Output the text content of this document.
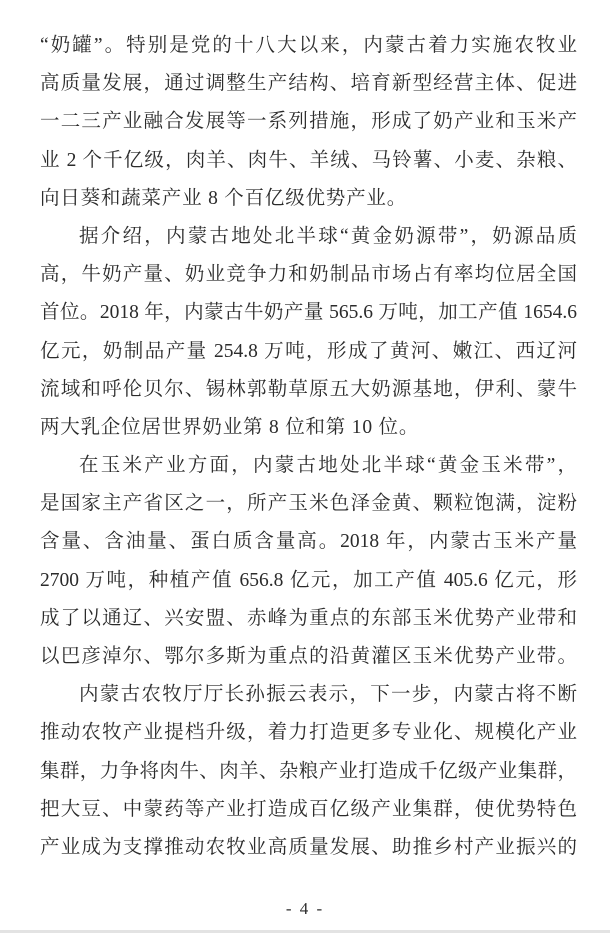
“奶罐”。特别是党的十八大以来，内蒙古着力实施农牧业
高质量发展，通过调整生产结构、培育新型经营主体、促进
一二三产业融合发展等一系列措施，形成了奶产业和玉米产
业 2 个千亿级，肉羊、肉牛、羊绒、马铃薯、小麦、杂粮、
向日葵和蔬菜产业 8 个百亿级优势产业。
据介绍，内蒙古地处北半球“黄金奶源带”，奶源品质
高，牛奶产量、奶业竞争力和奶制品市场占有率均位居全国
首位。2018 年，内蒙古牛奶产量 565.6 万吨，加工产值 1654.6
亿元，奶制品产量 254.8 万吨，形成了黄河、嫩江、西辽河
流域和呼伦贝尔、锡林郭勒草原五大奶源基地，伊利、蒙牛
两大乳企位居世界奶业第 8 位和第 10 位。
在玉米产业方面，内蒙古地处北半球“黄金玉米带”，
是国家主产省区之一，所产玉米色泽金黄、颗粒饱满，淀粉
含量、含油量、蛋白质含量高。2018 年，内蒙古玉米产量
2700 万吨，种植产值 656.8 亿元，加工产值 405.6 亿元，形
成了以通辽、兴安盟、赤峰为重点的东部玉米优势产业带和
以巴彦淖尔、鄂尔多斯为重点的沿黄灌区玉米优势产业带。
内蒙古农牧厅厅长孙振云表示，下一步，内蒙古将不断
推动农牧产业提档升级，着力打造更多专业化、规模化产业
集群，力争将肉牛、肉羊、杂粮产业打造成千亿级产业集群，
把大豆、中蒙药等产业打造成百亿级产业集群，使优势特色
产业成为支撑推动农牧业高质量发展、助推乡村产业振兴的
- 4 -
